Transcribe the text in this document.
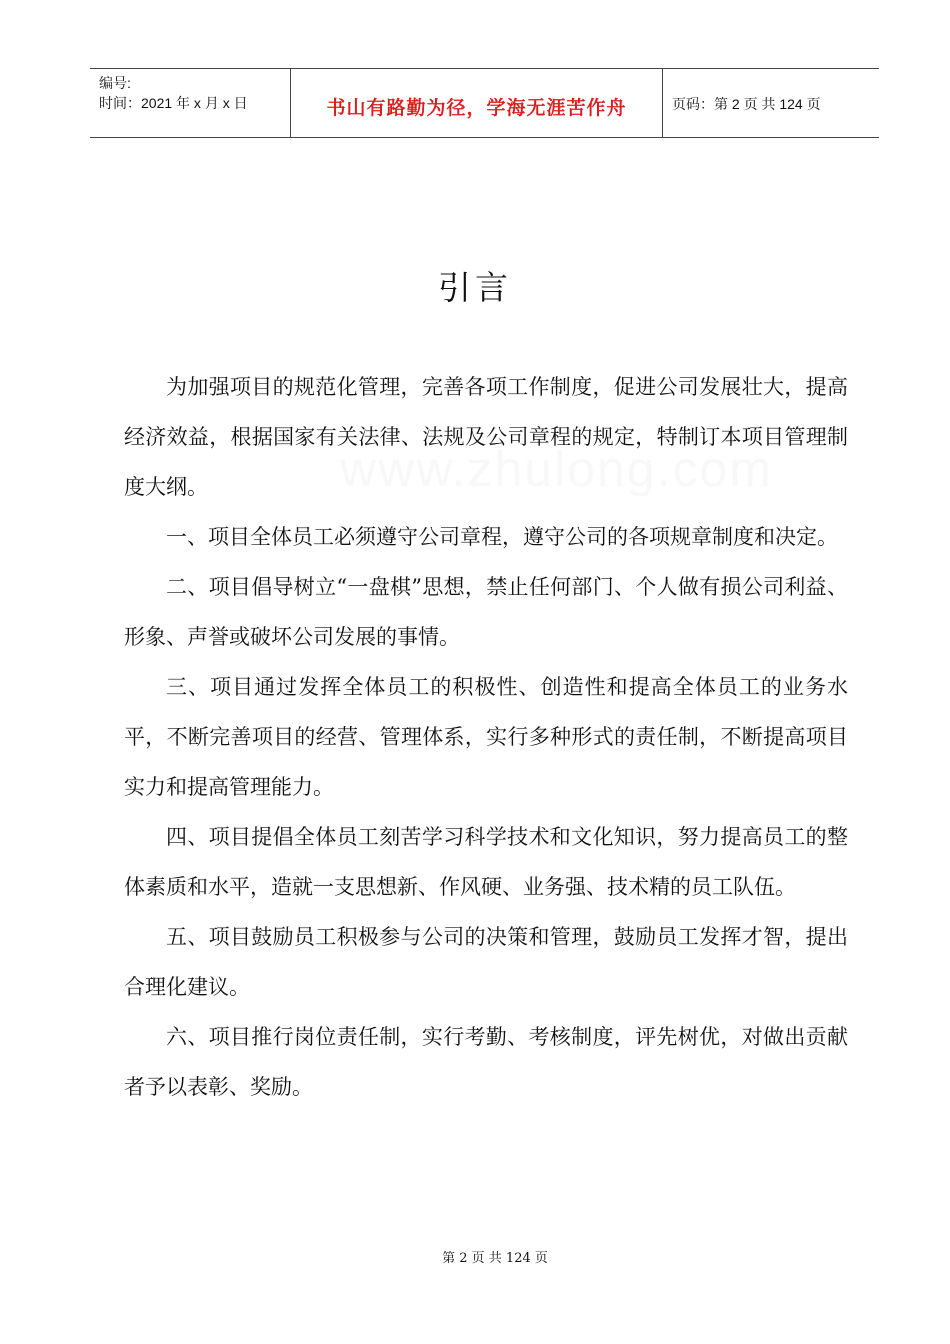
编号:
时间：2021 年 x 月 x 日	书山有路勤为径，学海无涯苦作舟	页码：第 2 页 共 124 页
www.zhulong.com
引言

为加强项目的规范化管理，完善各项工作制度，促进公司发展壮大，提高经济效益，根据国家有关法律、法规及公司章程的规定，特制订本项目管理制度大纲。

一、项目全体员工必须遵守公司章程，遵守公司的各项规章制度和决定。

二、项目倡导树立“一盘棋”思想，禁止任何部门、个人做有损公司利益、形象、声誉或破坏公司发展的事情。

三、项目通过发挥全体员工的积极性、创造性和提高全体员工的业务水平，不断完善项目的经营、管理体系，实行多种形式的责任制，不断提高项目实力和提高管理能力。

四、项目提倡全体员工刻苦学习科学技术和文化知识，努力提高员工的整体素质和水平，造就一支思想新、作风硬、业务强、技术精的员工队伍。

五、项目鼓励员工积极参与公司的决策和管理，鼓励员工发挥才智，提出合理化建议。

六、项目推行岗位责任制，实行考勤、考核制度，评先树优，对做出贡献者予以表彰、奖励。

第 2 页 共 124 页
